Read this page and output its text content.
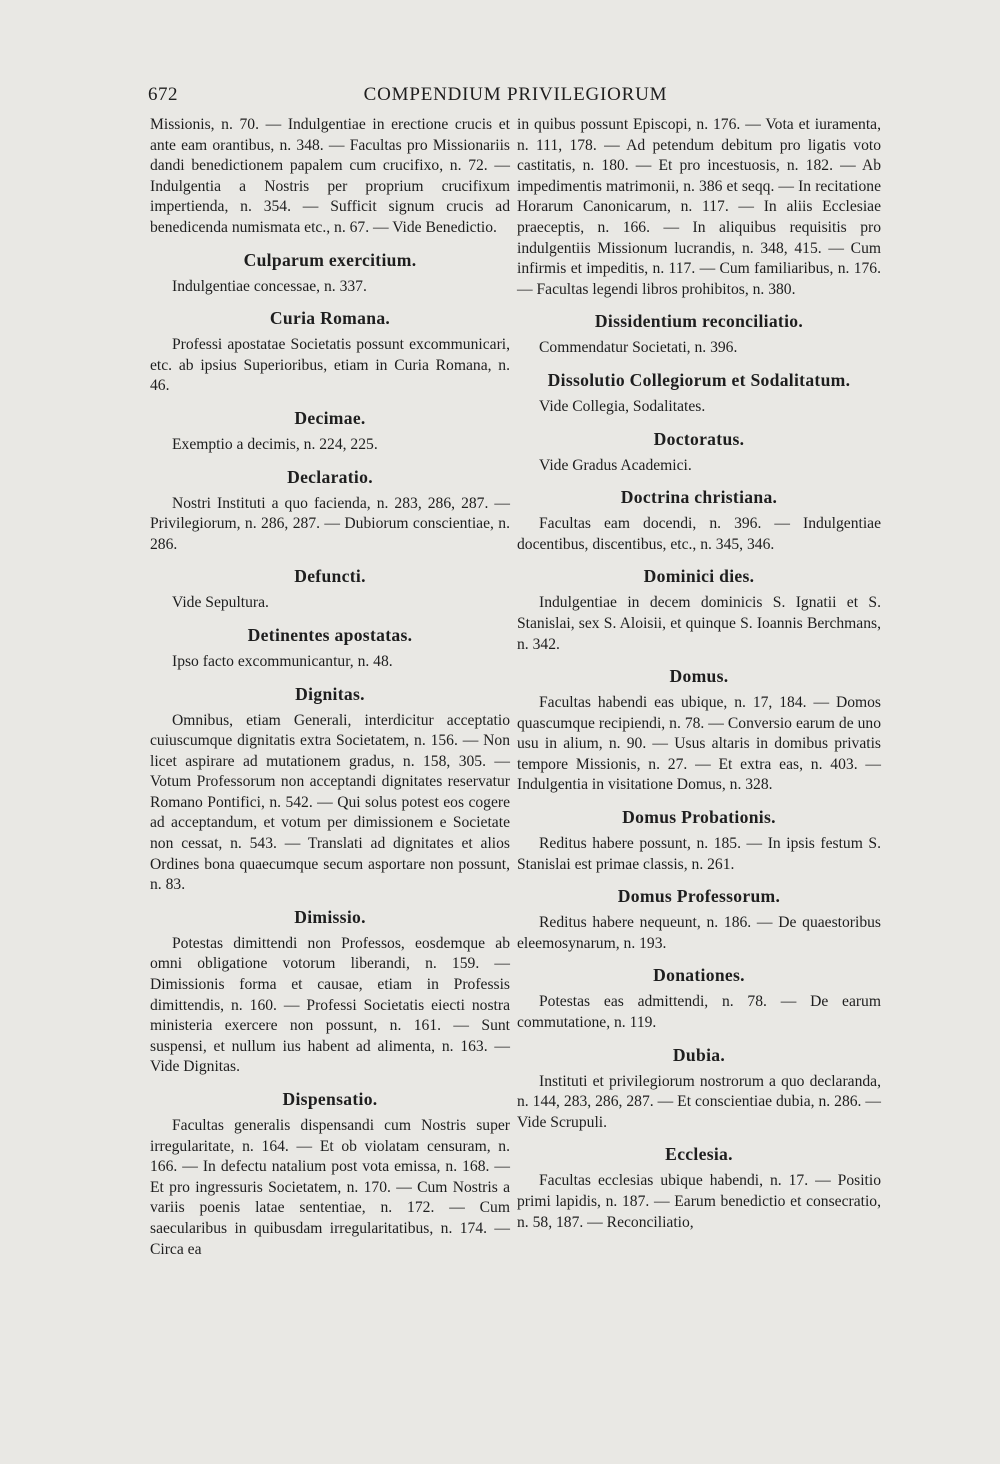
672	COMPENDIUM PRIVILEGIORUM

Missionis, n. 70. — Indulgentiae in erectione crucis et ante eam orantibus, n. 348. — Facultas pro Missionariis dandi benedictionem papalem cum crucifixo, n. 72. — Indulgentia a Nostris per proprium crucifixum impertienda, n. 354. — Sufficit signum crucis ad benedicenda numismata etc., n. 67. — Vide Benedictio.

Culparum exercitium.

Indulgentiae concessae, n. 337.

Curia Romana.

Professi apostatae Societatis possunt excommunicari, etc. ab ipsius Superioribus, etiam in Curia Romana, n. 46.

Decimae.

Exemptio a decimis, n. 224, 225.

Declaratio.

Nostri Instituti a quo facienda, n. 283, 286, 287. — Privilegiorum, n. 286, 287. — Dubiorum conscientiae, n. 286.

Defuncti.

Vide Sepultura.

Detinentes apostatas.

Ipso facto excommunicantur, n. 48.

Dignitas.

Omnibus, etiam Generali, interdicitur acceptatio cuiuscumque dignitatis extra Societatem, n. 156. — Non licet aspirare ad mutationem gradus, n. 158, 305. — Votum Professorum non acceptandi dignitates reservatur Romano Pontifici, n. 542. — Qui solus potest eos cogere ad acceptandum, et votum per dimissionem e Societate non cessat, n. 543. — Translati ad dignitates et alios Ordines bona quaecumque secum asportare non possunt, n. 83.

Dimissio.

Potestas dimittendi non Professos, eosdemque ab omni obligatione votorum liberandi, n. 159. — Dimissionis forma et causae, etiam in Professis dimittendis, n. 160. — Professi Societatis eiecti nostra ministeria exercere non possunt, n. 161. — Sunt suspensi, et nullum ius habent ad alimenta, n. 163. — Vide Dignitas.

Dispensatio.

Facultas generalis dispensandi cum Nostris super irregularitate, n. 164. — Et ob violatam censuram, n. 166. — In defectu natalium post vota emissa, n. 168. — Et pro ingressuris Societatem, n. 170. — Cum Nostris a variis poenis latae sententiae, n. 172. — Cum saecularibus in quibusdam irregularitatibus, n. 174. — Circa ea

in quibus possunt Episcopi, n. 176. — Vota et iuramenta, n. 111, 178. — Ad petendum debitum pro ligatis voto castitatis, n. 180. — Et pro incestuosis, n. 182. — Ab impedimentis matrimonii, n. 386 et seqq. — In recitatione Horarum Canonicarum, n. 117. — In aliis Ecclesiae praeceptis, n. 166. — In aliquibus requisitis pro indulgentiis Missionum lucrandis, n. 348, 415. — Cum infirmis et impeditis, n. 117. — Cum familiaribus, n. 176. — Facultas legendi libros prohibitos, n. 380.

Dissidentium reconciliatio.

Commendatur Societati, n. 396.

Dissolutio Collegiorum et Sodalitatum.

Vide Collegia, Sodalitates.

Doctoratus.

Vide Gradus Academici.

Doctrina christiana.

Facultas eam docendi, n. 396. — Indulgentiae docentibus, discentibus, etc., n. 345, 346.

Dominici dies.

Indulgentiae in decem dominicis S. Ignatii et S. Stanislai, sex S. Aloisii, et quinque S. Ioannis Berchmans, n. 342.

Domus.

Facultas habendi eas ubique, n. 17, 184. — Domos quascumque recipiendi, n. 78. — Conversio earum de uno usu in alium, n. 90. — Usus altaris in domibus privatis tempore Missionis, n. 27. — Et extra eas, n. 403. — Indulgentia in visitatione Domus, n. 328.

Domus Probationis.

Reditus habere possunt, n. 185. — In ipsis festum S. Stanislai est primae classis, n. 261.

Domus Professorum.

Reditus habere nequeunt, n. 186. — De quaestoribus eleemosynarum, n. 193.

Donationes.

Potestas eas admittendi, n. 78. — De earum commutatione, n. 119.

Dubia.

Instituti et privilegiorum nostrorum a quo declaranda, n. 144, 283, 286, 287. — Et conscientiae dubia, n. 286. — Vide Scrupuli.

Ecclesia.

Facultas ecclesias ubique habendi, n. 17. — Positio primi lapidis, n. 187. — Earum benedictio et consecratio, n. 58, 187. — Reconciliatio,
